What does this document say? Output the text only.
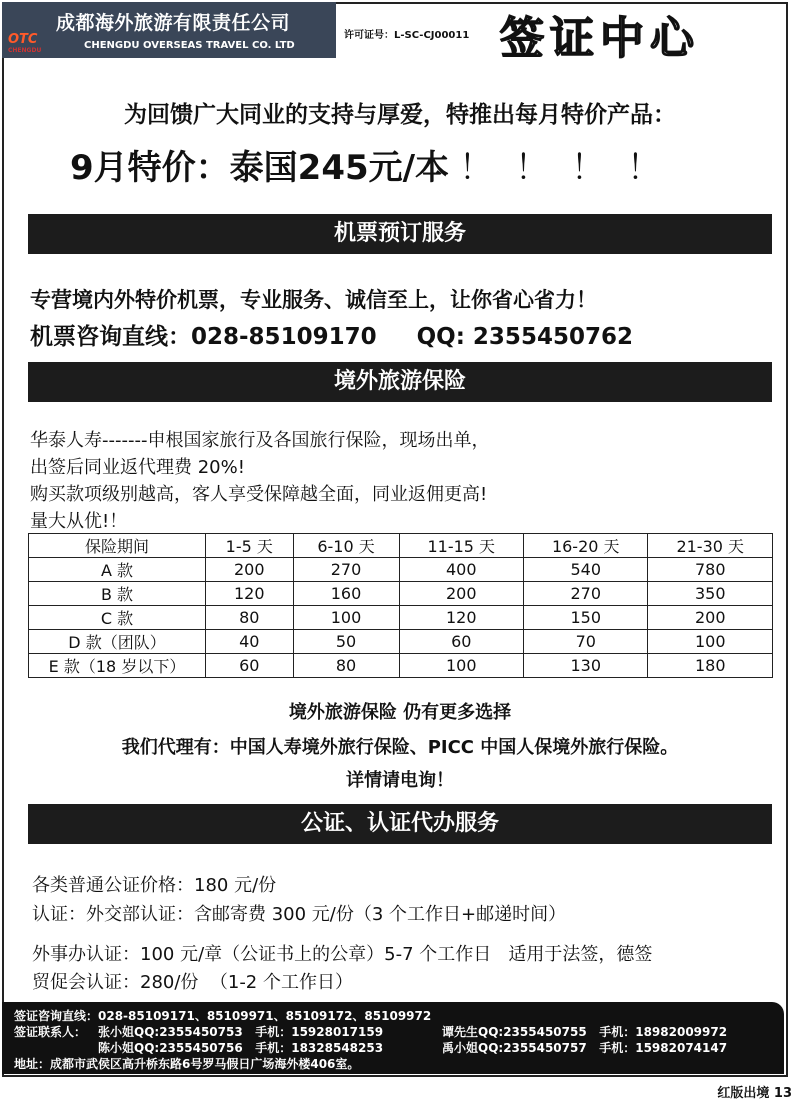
OTC
CHENGDU
成都海外旅游有限责任公司
CHENGDU OVERSEAS TRAVEL CO. LTD
许可证号：L-SC-CJ00011 签证中心
为回馈广大同业的支持与厚爱，特推出每月特价产品：
9月特价：泰国245元/本 ！！！！
机票预订服务
专营境内外特价机票，专业服务、诚信至上，让你省心省力！
机票咨询直线：028-85109170     QQ: 2355450762
境外旅游保险
华泰人寿-------申根国家旅行及各国旅行保险，现场出单，
出签后同业返代理费 20%!
购买款项级别越高，客人享受保障越全面，同业返佣更高!
量大从优!！
保险期间	1-5 天	6-10 天	11-15 天	16-20 天	21-30 天
A 款	200	270	400	540	780
B 款	120	160	200	270	350
C 款	80	100	120	150	200
D 款（团队）	40	50	60	70	100
E 款（18 岁以下）	60	80	100	130	180
境外旅游保险 仍有更多选择
我们代理有：中国人寿境外旅行保险、PICC 中国人保境外旅行保险。
详情请电询！
公证、认证代办服务
各类普通公证价格：180 元/份
认证：外交部认证：含邮寄费 300 元/份（3 个工作日+邮递时间）
外事办认证：100 元/章（公证书上的公章）5-7 个工作日   适用于法签，德签
贸促会认证：280/份  （1-2 个工作日）
签证咨询直线：028-85109171、85109971、85109172、85109972
签证联系人： 张小姐QQ:2355450753   手机：15928017159	谭先生QQ:2355450755   手机：18982009972
陈小姐QQ:2355450756   手机：18328548253	禹小姐QQ:2355450757   手机：15982074147
地址：成都市武侯区高升桥东路6号罗马假日广场海外楼406室。
红版出境 13
